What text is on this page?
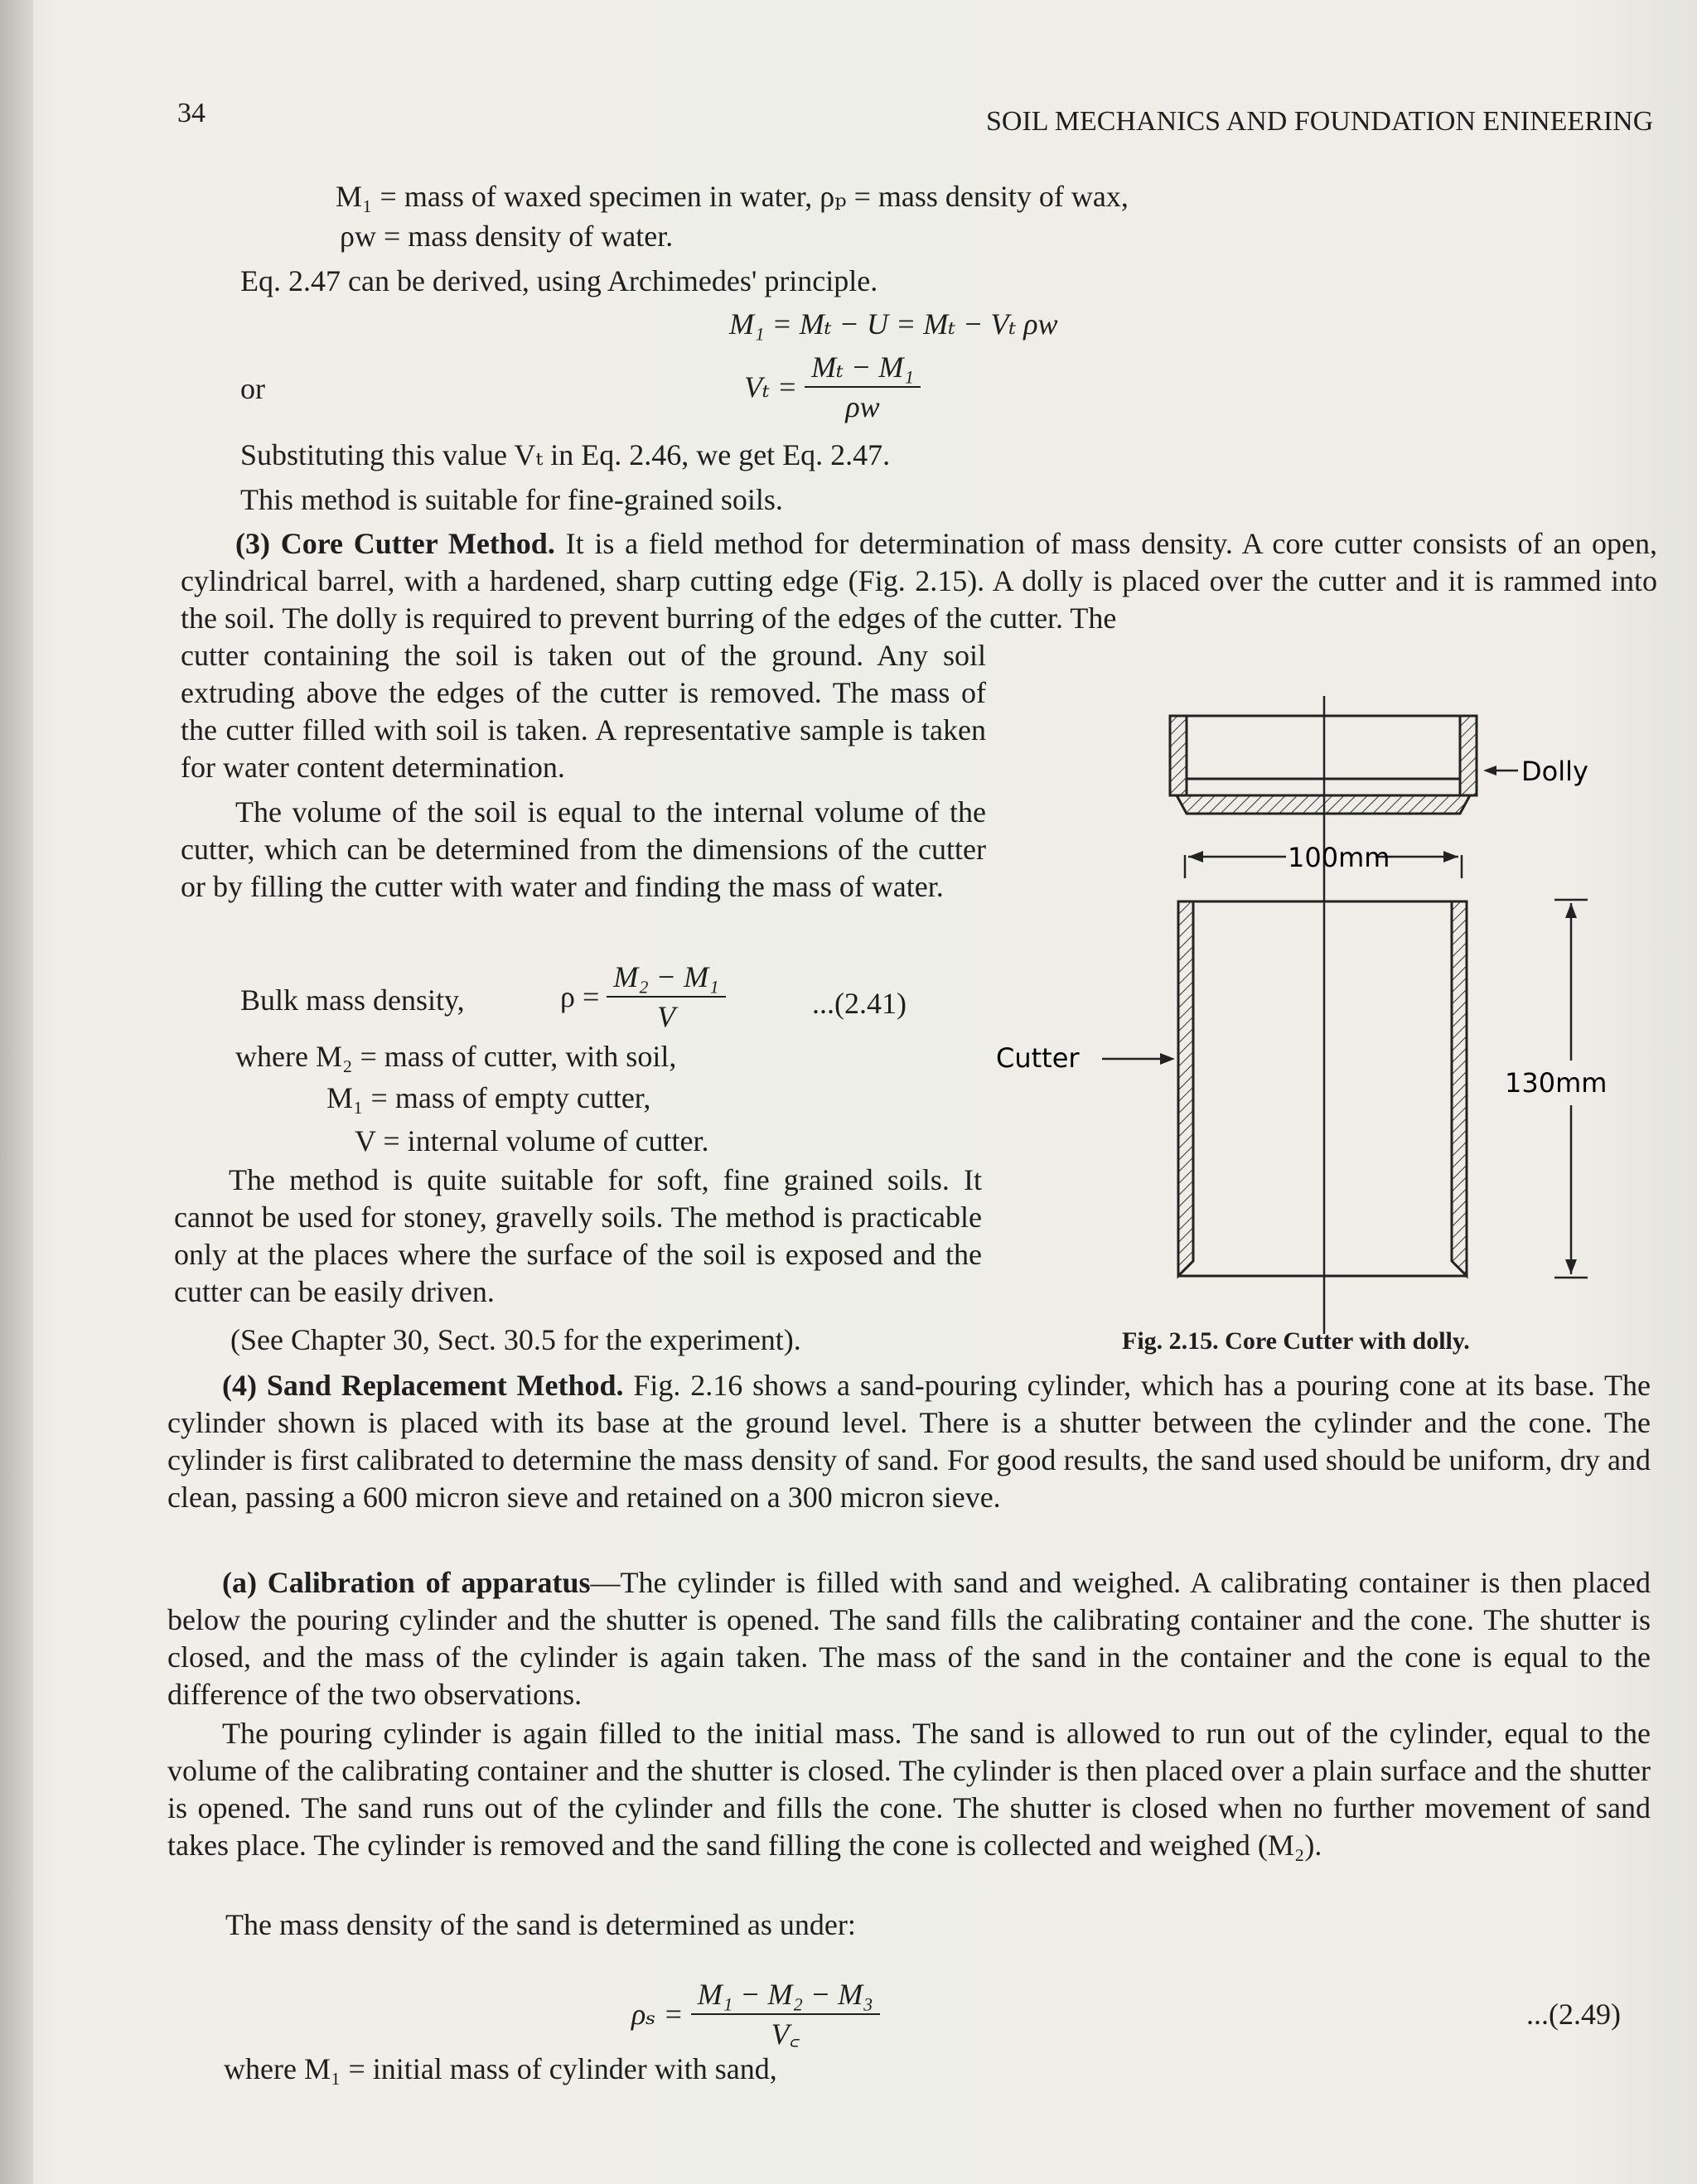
34	SOIL MECHANICS AND FOUNDATION ENINEERING
M₁ = mass of waxed specimen in water, ρₚ = mass density of wax,
ρw = mass density of water.
Eq. 2.47 can be derived, using Archimedes' principle.
M₁ = Mₜ − U = Mₜ − Vₜ ρw
or	$V_t = \frac{\text{Mₜ − M₁}}{\rho w}$
Substituting this value Vₜ in Eq. 2.46, we get Eq. 2.47.
This method is suitable for fine-grained soils.

(3) Core Cutter Method. It is a field method for determination of mass density. A core cutter consists of an open, cylindrical barrel, with a hardened, sharp cutting edge (Fig. 2.15). A dolly is placed over the cutter and it is rammed into the soil. The dolly is required to prevent burring of the edges of the cutter. The

cutter containing the soil is taken out of the ground. Any soil extruding above the edges of the cutter is removed. The mass of the cutter filled with soil is taken. A representative sample is taken for water content determination.

The volume of the soil is equal to the internal volume of the cutter, which can be determined from the dimensions of the cutter or by filling the cutter with water and finding the mass of water.

Bulk mass density,	$\rho = \frac{\text{M₂ − M₁}}{V}$	...(2.41)
where M₂ = mass of cutter, with soil,
M₁ = mass of empty cutter,
V = internal volume of cutter.

The method is quite suitable for soft, fine grained soils. It cannot be used for stoney, gravelly soils. The method is practicable only at the places where the surface of the soil is exposed and the cutter can be easily driven.

(See Chapter 30, Sect. 30.5 for the experiment).
100mm
130mm
Dolly
Cutter
Fig. 2.15. Core Cutter with dolly.

(4) Sand Replacement Method. Fig. 2.16 shows a sand-pouring cylinder, which has a pouring cone at its base. The cylinder shown is placed with its base at the ground level. There is a shutter between the cylinder and the cone. The cylinder is first calibrated to determine the mass density of sand. For good results, the sand used should be uniform, dry and clean, passing a 600 micron sieve and retained on a 300 micron sieve.

(a) Calibration of apparatus—The cylinder is filled with sand and weighed. A calibrating container is then placed below the pouring cylinder and the shutter is opened. The sand fills the calibrating container and the cone. The shutter is closed, and the mass of the cylinder is again taken. The mass of the sand in the container and the cone is equal to the difference of the two observations.

The pouring cylinder is again filled to the initial mass. The sand is allowed to run out of the cylinder, equal to the volume of the calibrating container and the shutter is closed. The cylinder is then placed over a plain surface and the shutter is opened. The sand runs out of the cylinder and fills the cone. The shutter is closed when no further movement of sand takes place. The cylinder is removed and the sand filling the cone is collected and weighed (M₂).

The mass density of the sand is determined as under:
$\rho_s = \frac{\text{M₁ − M₂ − M₃}}{V꜀}$	...(2.49)
where M₁ = initial mass of cylinder with sand,
